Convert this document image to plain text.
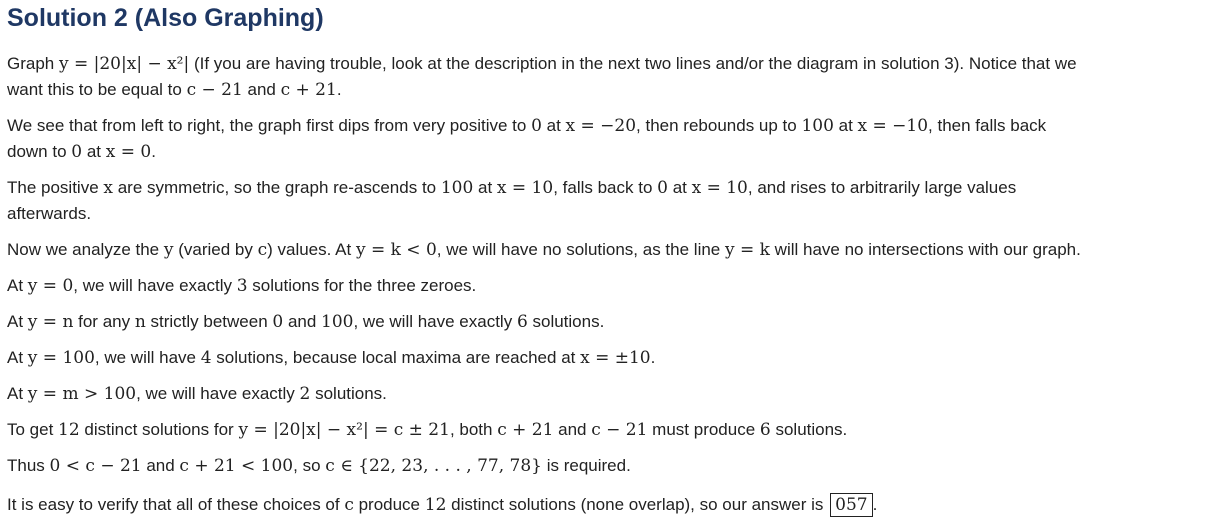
Solution 2 (Also Graphing)

Graph y = |20|x| − x²| (If you are having trouble, look at the description in the next two lines and/or the diagram in solution 3). Notice that we
want this to be equal to c − 21 and c + 21.

We see that from left to right, the graph first dips from very positive to 0 at x = −20, then rebounds up to 100 at x = −10, then falls back
down to 0 at x = 0.

The positive x are symmetric, so the graph re-ascends to 100 at x = 10, falls back to 0 at x = 10, and rises to arbitrarily large values
afterwards.

Now we analyze the y (varied by c) values. At y = k < 0, we will have no solutions, as the line y = k will have no intersections with our graph.

At y = 0, we will have exactly 3 solutions for the three zeroes.

At y = n for any n strictly between 0 and 100, we will have exactly 6 solutions.

At y = 100, we will have 4 solutions, because local maxima are reached at x = ±10.

At y = m > 100, we will have exactly 2 solutions.

To get 12 distinct solutions for y = |20|x| − x²| = c ± 21, both c + 21 and c − 21 must produce 6 solutions.

Thus 0 < c − 21 and c + 21 < 100, so c ∈ {22, 23, . . . , 77, 78} is required.

It is easy to verify that all of these choices of c produce 12 distinct solutions (none overlap), so our answer is 057 .
